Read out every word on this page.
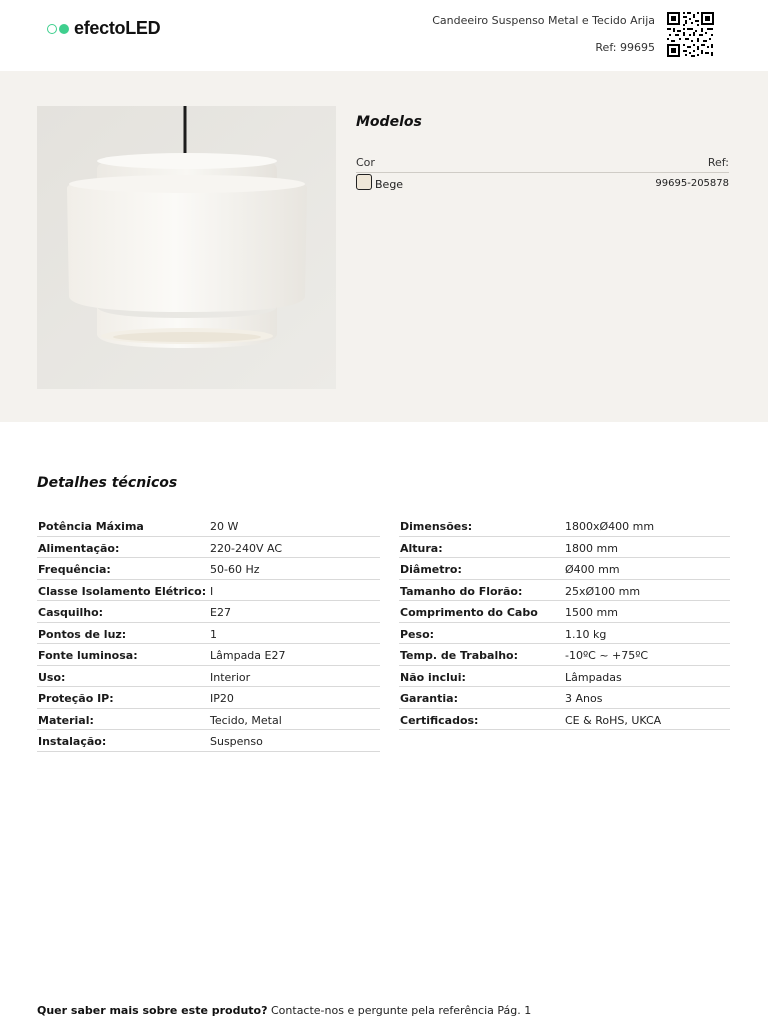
efectoLED	Candeeiro Suspenso Metal e Tecido Arija
Ref: 99695
Modelos
Cor	Ref:
Bege	99695-205878
Detalhes técnicos
Potência Máxima	20 W
Alimentação:	220-240V AC
Frequência:	50-60 Hz
Classe Isolamento Elétrico: I
Casquilho:	E27
Pontos de luz:	1
Fonte luminosa:	Lâmpada E27
Uso:	Interior
Proteção IP:	IP20
Material:	Tecido, Metal
Instalação:	Suspenso
Dimensões:	1800xØ400 mm
Altura:	1800 mm
Diâmetro:	Ø400 mm
Tamanho do Florão:	25xØ100 mm
Comprimento do Cabo 1500 mm
Peso:	1.10 kg
Temp. de Trabalho:	-10ºC ~ +75ºC
Não inclui:	Lâmpadas
Garantia:	3 Anos
Certificados:	CE & RoHS, UKCA
Quer saber mais sobre este produto? Contacte-nos e pergunte pela referência Pág. 1
